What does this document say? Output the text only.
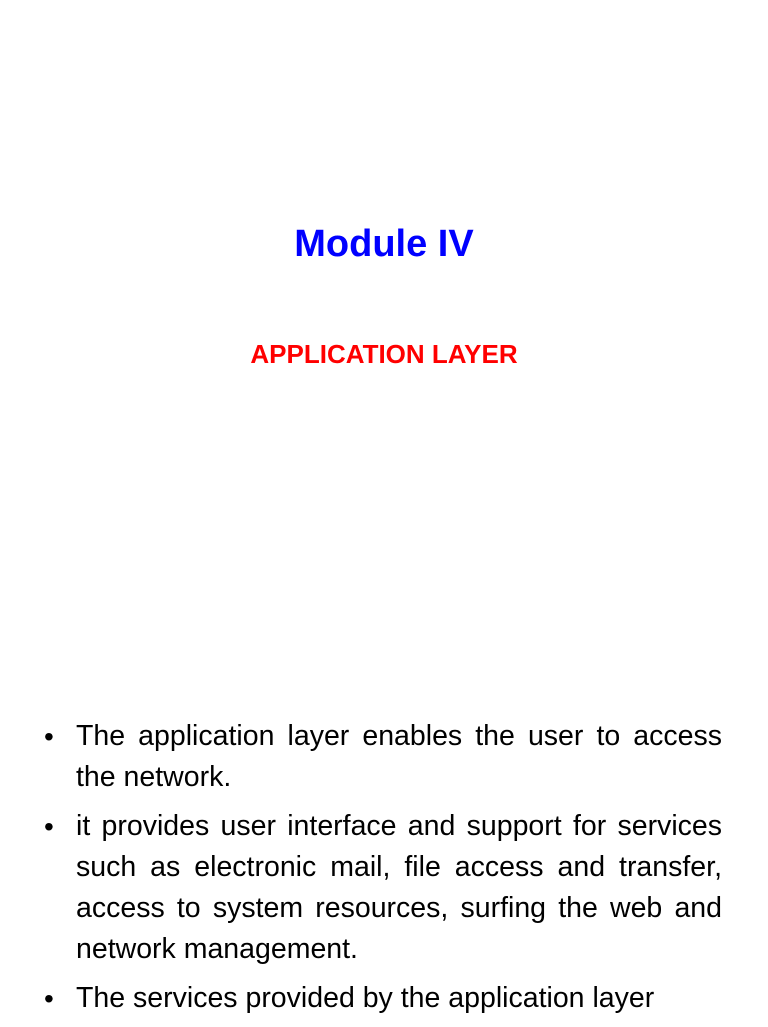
Module IV
APPLICATION LAYER
• The application layer enables the user to access the network.
• it provides user interface and support for services such as electronic mail, file access and transfer, access to system resources, surfing the web and network management.
• The services provided by the application layer
